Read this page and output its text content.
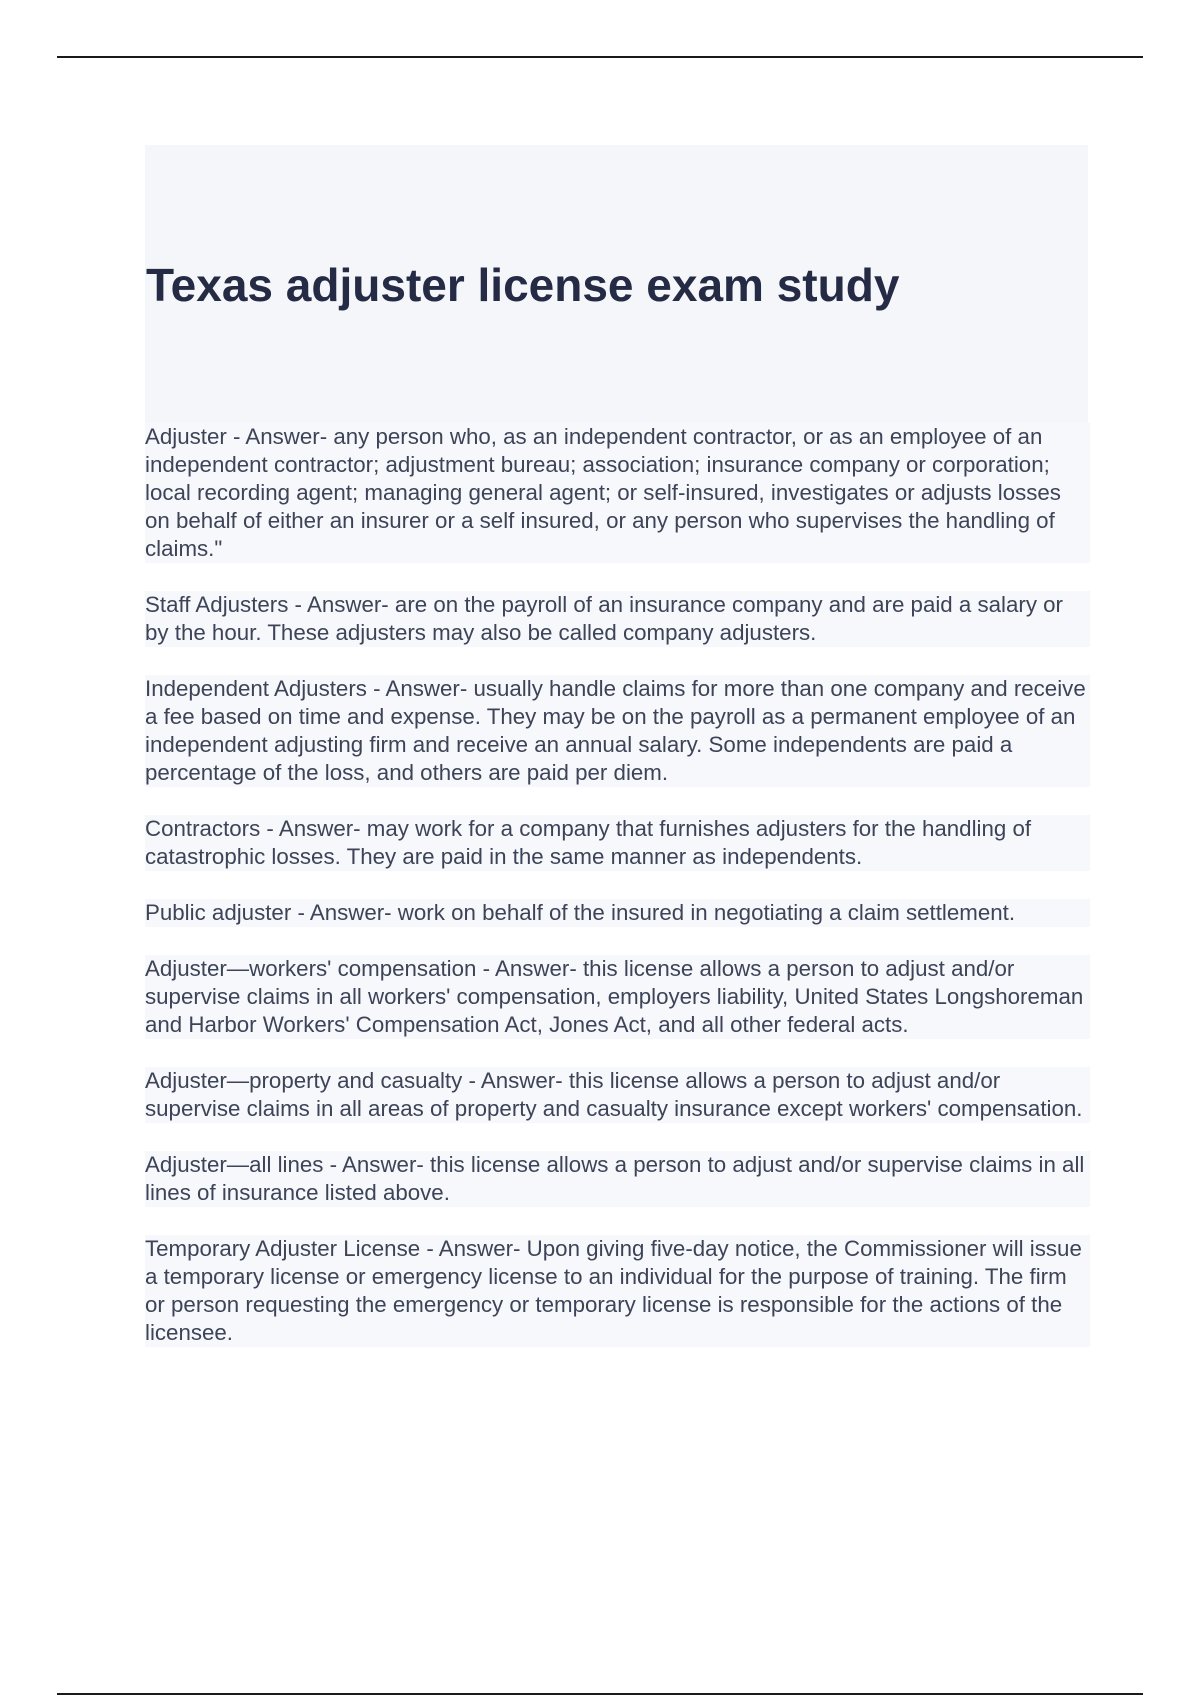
Texas adjuster license exam study

Adjuster - Answer- any person who, as an independent contractor, or as an employee of an independent contractor; adjustment bureau; association; insurance company or corporation; local recording agent; managing general agent; or self-insured, investigates or adjusts losses on behalf of either an insurer or a self insured, or any person who supervises the handling of claims."

Staff Adjusters - Answer- are on the payroll of an insurance company and are paid a salary or by the hour. These adjusters may also be called company adjusters.

Independent Adjusters - Answer- usually handle claims for more than one company and receive a fee based on time and expense. They may be on the payroll as a permanent employee of an independent adjusting firm and receive an annual salary. Some independents are paid a percentage of the loss, and others are paid per diem.

Contractors - Answer- may work for a company that furnishes adjusters for the handling of catastrophic losses. They are paid in the same manner as independents.

Public adjuster - Answer- work on behalf of the insured in negotiating a claim settlement.

Adjuster—workers' compensation - Answer- this license allows a person to adjust and/or supervise claims in all workers' compensation, employers liability, United States Longshoreman and Harbor Workers' Compensation Act, Jones Act, and all other federal acts.

Adjuster—property and casualty - Answer- this license allows a person to adjust and/or supervise claims in all areas of property and casualty insurance except workers' compensation.

Adjuster—all lines - Answer- this license allows a person to adjust and/or supervise claims in all lines of insurance listed above.

Temporary Adjuster License - Answer- Upon giving five-day notice, the Commissioner will issue a temporary license or emergency license to an individual for the purpose of training. The firm or person requesting the emergency or temporary license is responsible for the actions of the licensee.
